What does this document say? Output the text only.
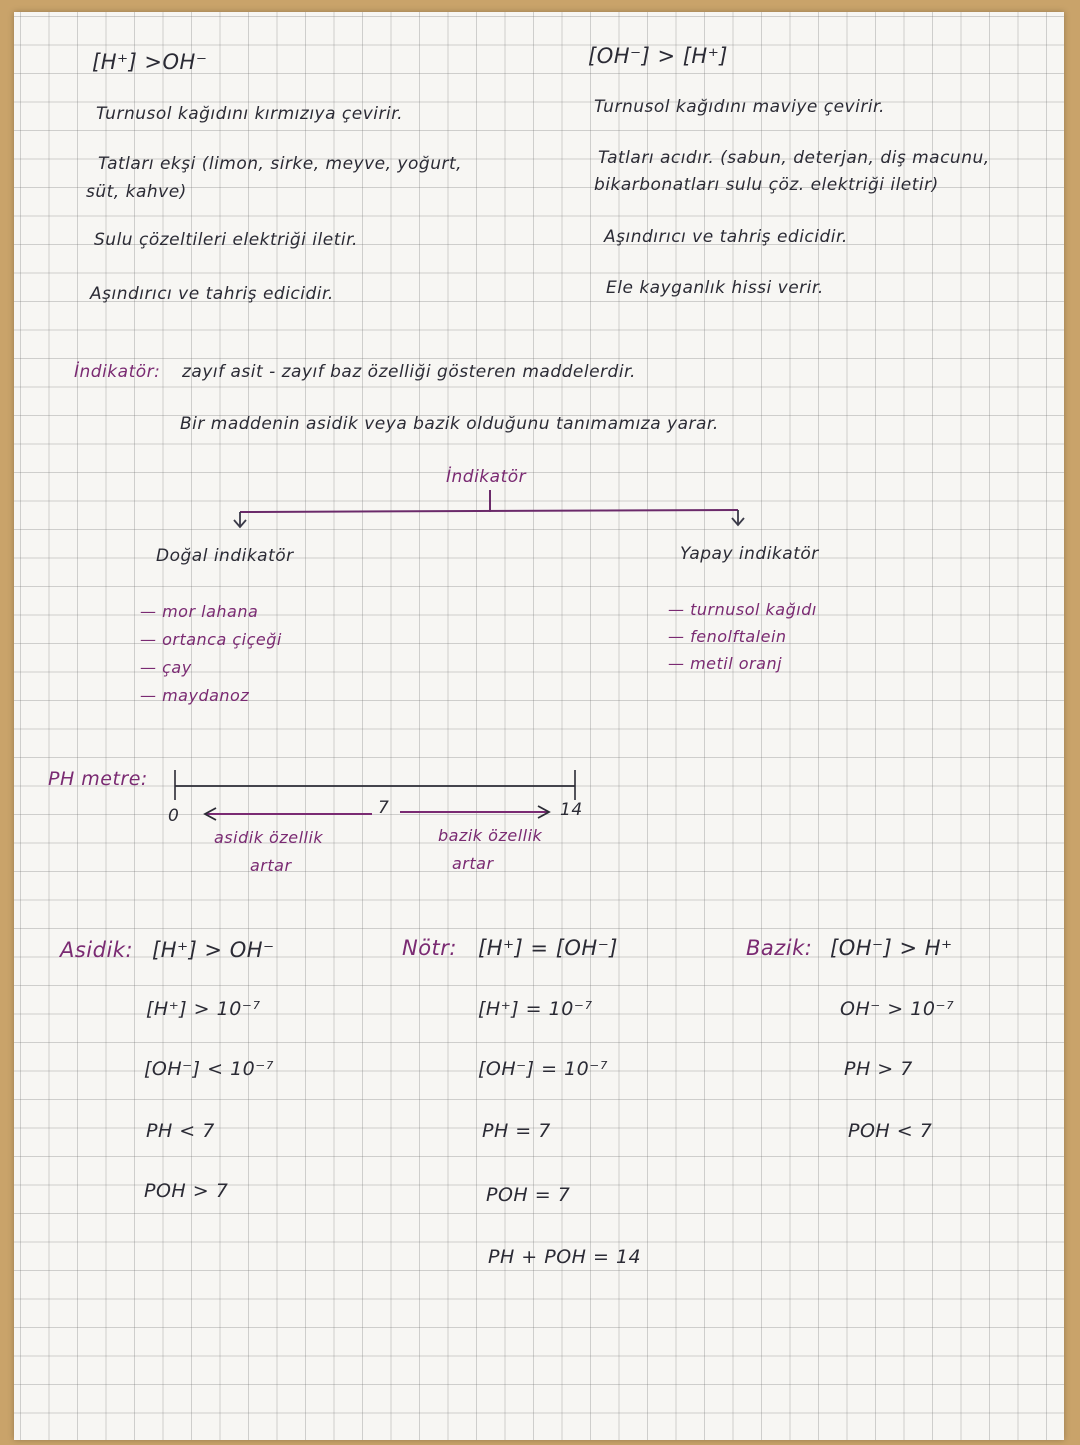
[H⁺] >OH⁻
Turnusol kağıdını kırmızıya çevirir.
Tatları ekşi (limon, sirke, meyve, yoğurt,
süt, kahve)
Sulu çözeltileri elektriği iletir.
Aşındırıcı ve tahriş edicidir.
[OH⁻] > [H⁺]
Turnusol kağıdını maviye çevirir.
Tatları acıdır. (sabun, deterjan, diş macunu,
bikarbonatları sulu çöz. elektriği iletir)
Aşındırıcı ve tahriş edicidir.
Ele kayganlık hissi verir.
İndikatör: zayıf asit - zayıf baz özelliği gösteren maddelerdir.
Bir maddenin asidik veya bazik olduğunu tanımamıza yarar.
İndikatör
Doğal indikatör
— mor lahana
— ortanca çiçeği
— çay
— maydanoz
Yapay indikatör
— turnusol kağıdı
— fenolftalein
— metil oranj
PH metre:
0	7	14
asidik özellik
artar
bazik özellik
artar
Asidik: [H⁺] > OH⁻
[H⁺] > 10⁻⁷
[OH⁻] < 10⁻⁷
PH < 7
POH > 7
Nötr: [H⁺] = [OH⁻]
[H⁺] = 10⁻⁷
[OH⁻] = 10⁻⁷
PH = 7
POH = 7
PH + POH = 14
Bazik: [OH⁻] > H⁺
OH⁻ > 10⁻⁷
PH > 7
POH < 7
